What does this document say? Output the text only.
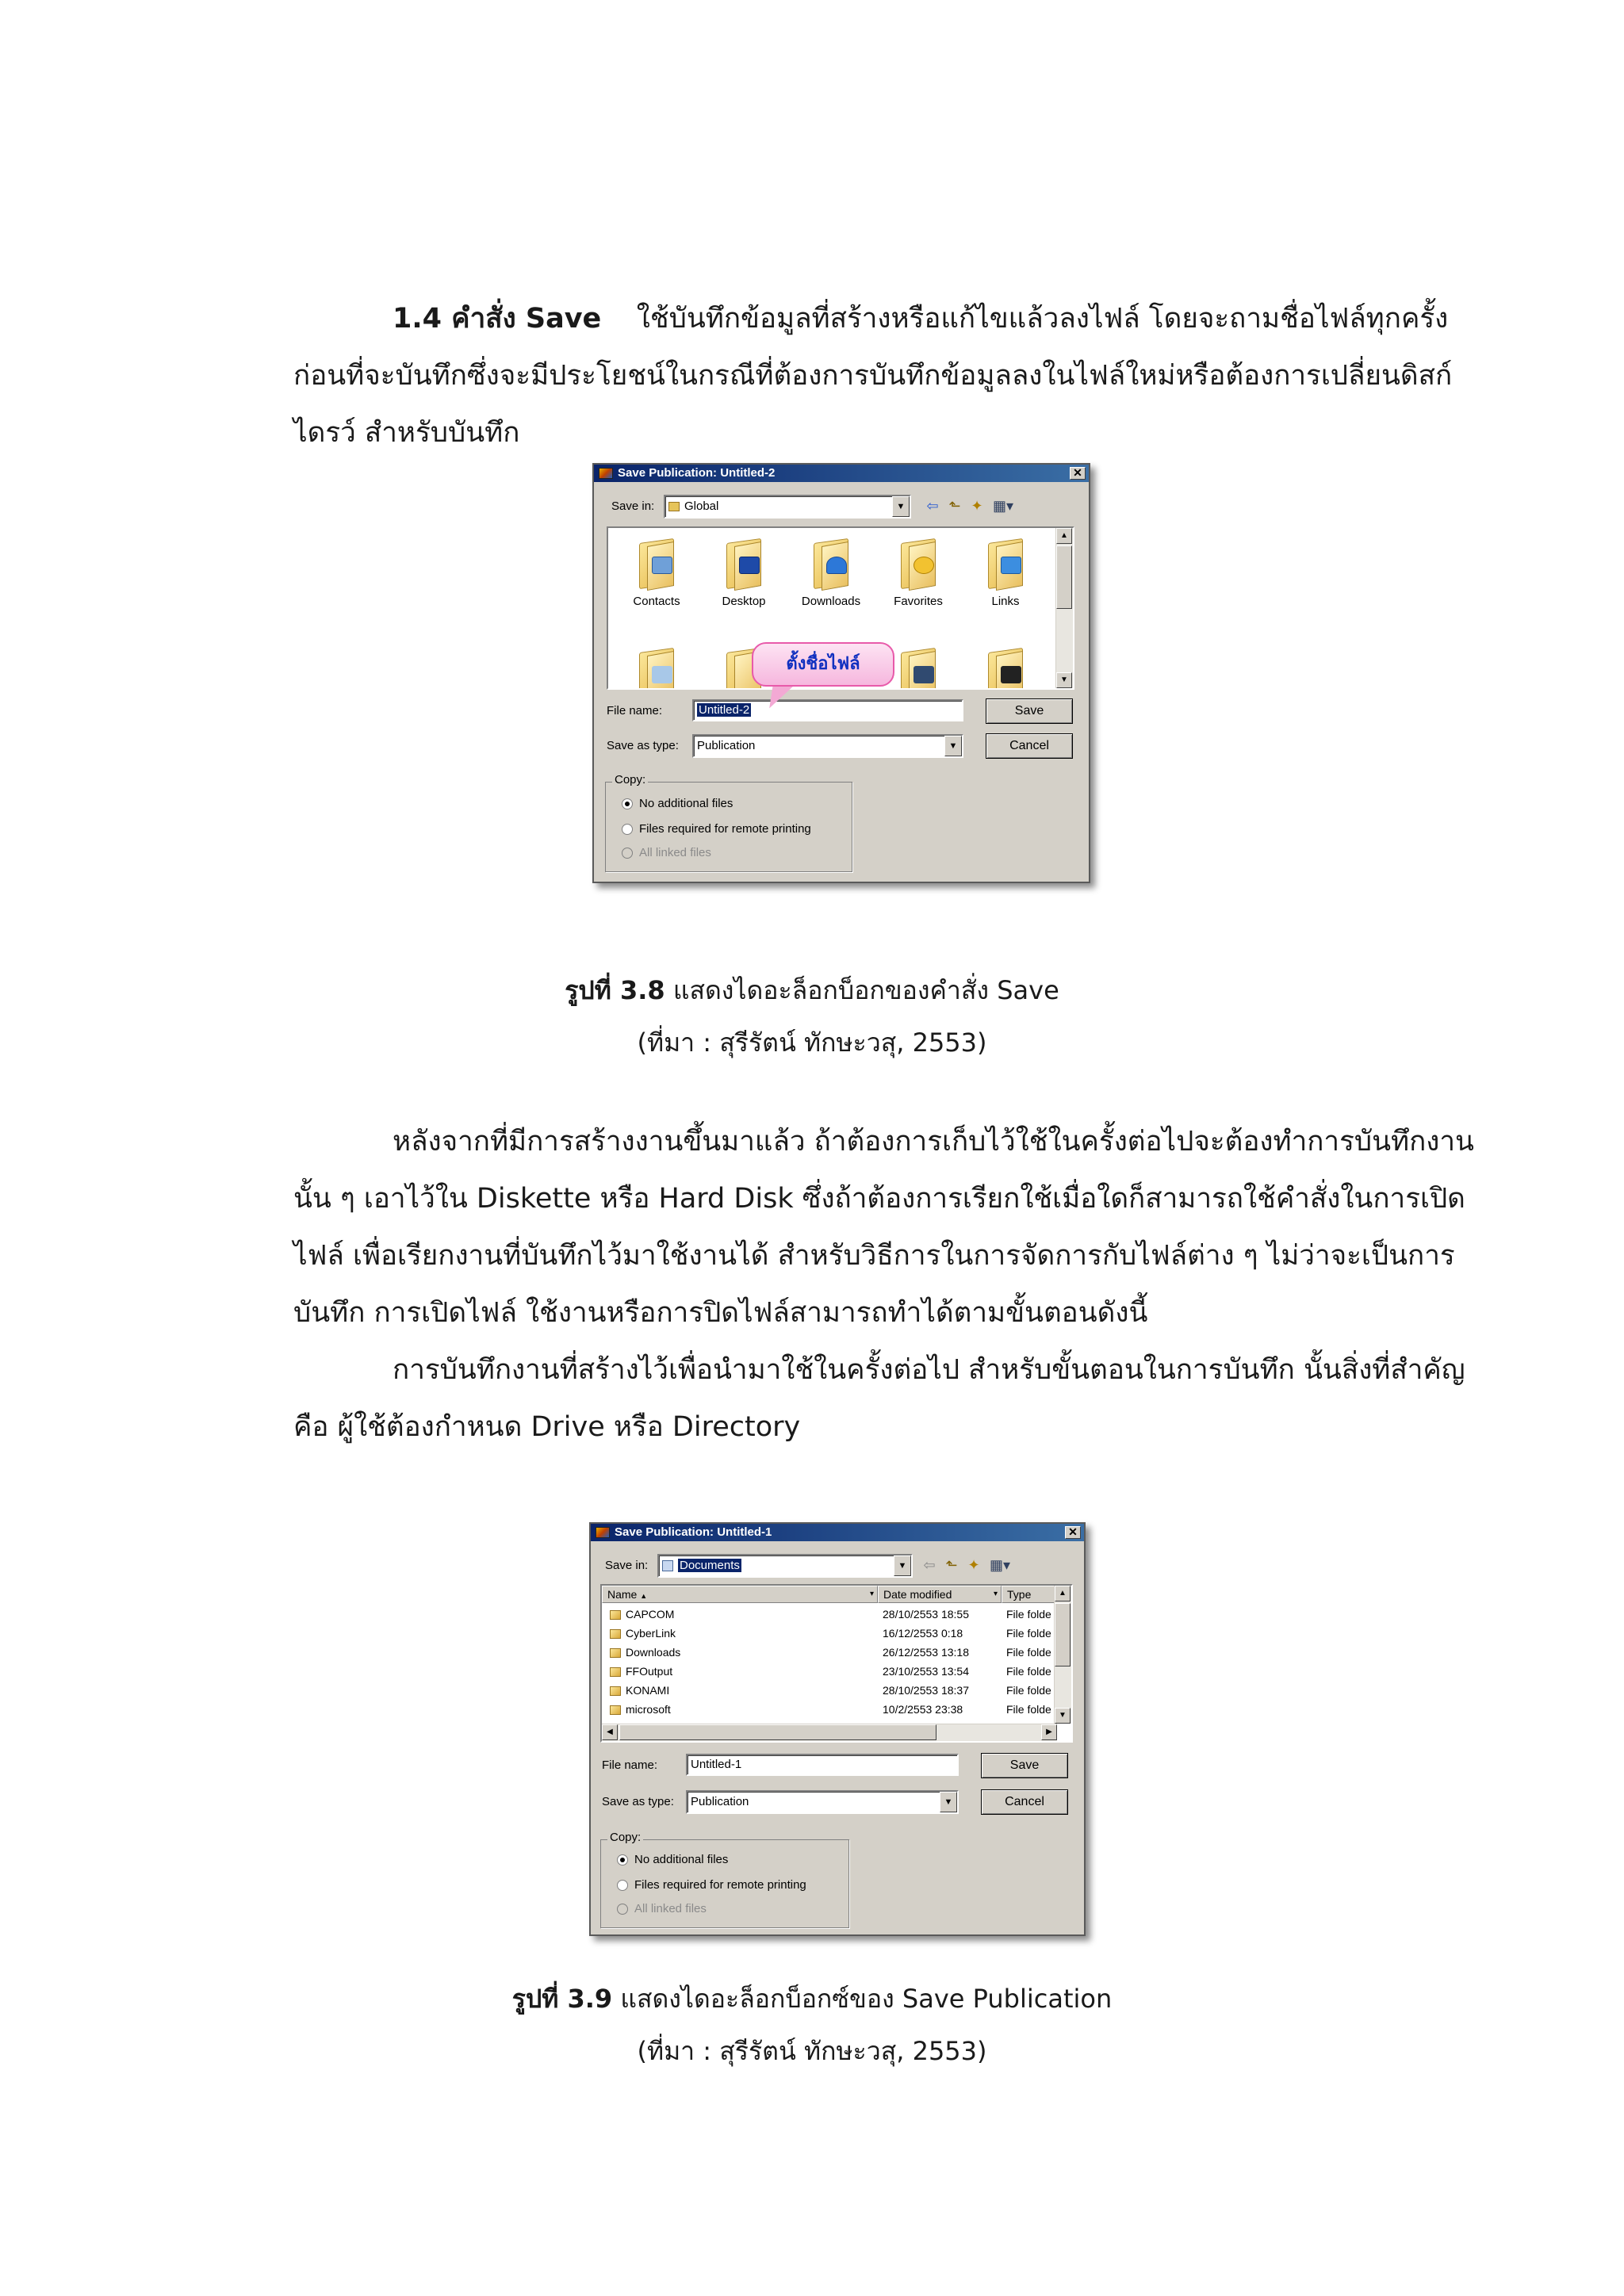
1.4 คำสั่ง Save ใช้บันทึกข้อมูลที่สร้างหรือแก้ไขแล้วลงไฟล์ โดยจะถามชื่อไฟล์ทุกครั้ง
ก่อนที่จะบันทึกซึ่งจะมีประโยชน์ในกรณีที่ต้องการบันทึกข้อมูลลงในไฟล์ใหม่หรือต้องการเปลี่ยนดิสก์
ไดรว์ สำหรับบันทึก
Save Publication: Untitled-2	✕
Save in:	Global	▼	⇦ ⬑ ✦ ▦▾
Contacts	Desktop	Downloads	Favorites	Links
▲
▼
File name:	Untitled-2	Save
Save as type:	Publication	▼	Cancel
Copy:
No additional files
Files required for remote printing
All linked files
ตั้งชื่อไฟล์
รูปที่ 3.8 แสดงไดอะล็อกบ็อกของคำสั่ง Save
(ที่มา : สุรีรัตน์ ทักษะวสุ, 2553)
หลังจากที่มีการสร้างงานขึ้นมาแล้ว ถ้าต้องการเก็บไว้ใช้ในครั้งต่อไปจะต้องทำการบันทึกงาน
นั้น ๆ เอาไว้ใน Diskette หรือ Hard Disk ซึ่งถ้าต้องการเรียกใช้เมื่อใดก็สามารถใช้คำสั่งในการเปิด
ไฟล์ เพื่อเรียกงานที่บันทึกไว้มาใช้งานได้ สำหรับวิธีการในการจัดการกับไฟล์ต่าง ๆ ไม่ว่าจะเป็นการ
บันทึก การเปิดไฟล์ ใช้งานหรือการปิดไฟล์สามารถทำได้ตามขั้นตอนดังนี้
การบันทึกงานที่สร้างไว้เพื่อนำมาใช้ในครั้งต่อไป สำหรับขั้นตอนในการบันทึก นั้นสิ่งที่สำคัญ
คือ ผู้ใช้ต้องกำหนด Drive หรือ Directory
Save Publication: Untitled-1	✕
Save in:	Documents	▼	⇦ ⬑ ✦ ▦▾
Name ▲	▾ Date modified	▾ Type
CAPCOM	28/10/2553 18:55	File folde
CyberLink	16/12/2553 0:18	File folde
Downloads	26/12/2553 13:18	File folde
FFOutput	23/10/2553 13:54	File folde
KONAMI	28/10/2553 18:37	File folde
microsoft	10/2/2553 23:38	File folde
▲
▼
◀	▶
File name:	Untitled-1	Save
Save as type:	Publication	▼	Cancel
Copy:
No additional files
Files required for remote printing
All linked files
รูปที่ 3.9 แสดงไดอะล็อกบ็อกซ์ของ Save Publication
(ที่มา : สุรีรัตน์ ทักษะวสุ, 2553)
